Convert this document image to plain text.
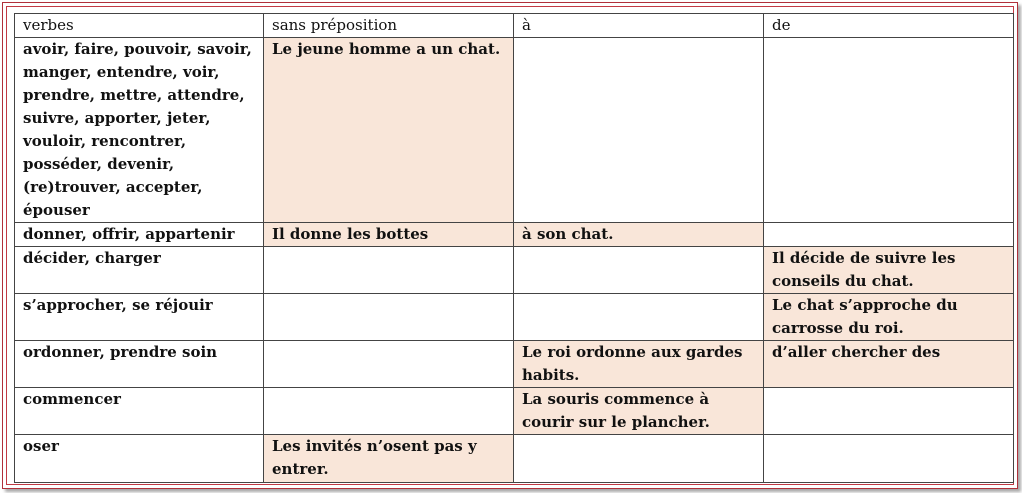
verbes	sans préposition	à	de
avoir, faire, pouvoir, savoir, manger, entendre, voir, prendre, mettre, attendre, suivre, apporter, jeter, vouloir, rencontrer, posséder, devenir, (re)trouver, accepter, épouser	Le jeune homme a un chat.		
donner, offrir, appartenir	Il donne les bottes	à son chat.	
décider, charger			Il décide de suivre les conseils du chat.
s’approcher, se réjouir			Le chat s’approche du carrosse du roi.
ordonner, prendre soin		Le roi ordonne aux gardes habits.	d’aller chercher des
commencer		La souris commence à courir sur le plancher.	
oser	Les invités n’osent pas y entrer.		
